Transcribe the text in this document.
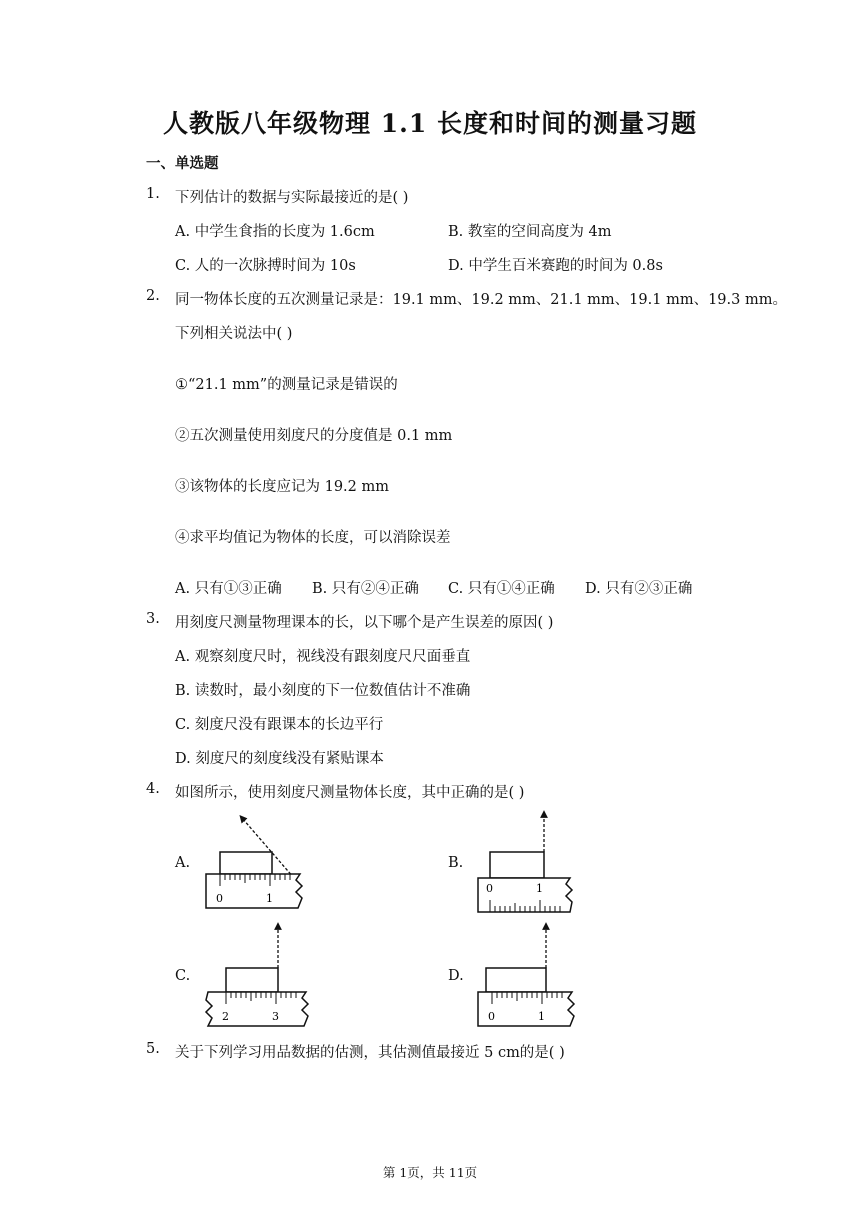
人教版八年级物理 1.1 长度和时间的测量习题
一、单选题
1. 下列估计的数据与实际最接近的是( )
A. 中学生食指的长度为 1.6cm	B. 教室的空间高度为 4m
C. 人的一次脉搏时间为 10s	D. 中学生百米赛跑的时间为 0.8s
2. 同一物体长度的五次测量记录是：19.1 mm、19.2 mm、21.1 mm、19.1 mm、19.3 mm。
下列相关说法中( )
①“21.1 mm”的测量记录是错误的
②五次测量使用刻度尺的分度值是 0.1 mm
③该物体的长度应记为 19.2 mm
④求平均值记为物体的长度，可以消除误差
A. 只有①③正确 B. 只有②④正确 C. 只有①④正确 D. 只有②③正确
3. 用刻度尺测量物理课本的长，以下哪个是产生误差的原因( )
A. 观察刻度尺时，视线没有跟刻度尺尺面垂直
B. 读数时，最小刻度的下一位数值估计不准确
C. 刻度尺没有跟课本的长边平行
D. 刻度尺的刻度线没有紧贴课本
4. 如图所示，使用刻度尺测量物体长度，其中正确的是( )
A.
0	1
B.
0	1
C.
2	3
D.
0	1
5. 关于下列学习用品数据的估测，其估测值最接近 5 cm的是( )
第 1页，共 11页
